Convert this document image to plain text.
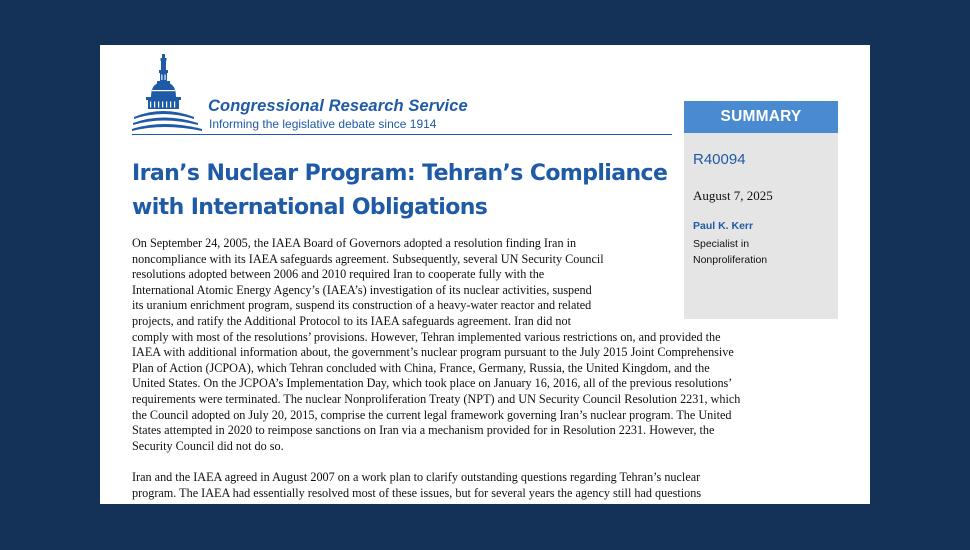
Congressional Research Service
Informing the legislative debate since 1914	SUMMARY
R40094
August 7, 2025
Paul K. Kerr
Specialist in
Nonproliferation
Iran’s Nuclear Program: Tehran’s Compliance
with International Obligations
On September 24, 2005, the IAEA Board of Governors adopted a resolution finding Iran in
noncompliance with its IAEA safeguards agreement. Subsequently, several UN Security Council
resolutions adopted between 2006 and 2010 required Iran to cooperate fully with the
International Atomic Energy Agency’s (IAEA’s) investigation of its nuclear activities, suspend
its uranium enrichment program, suspend its construction of a heavy-water reactor and related
projects, and ratify the Additional Protocol to its IAEA safeguards agreement. Iran did not
comply with most of the resolutions’ provisions. However, Tehran implemented various restrictions on, and provided the
IAEA with additional information about, the government’s nuclear program pursuant to the July 2015 Joint Comprehensive
Plan of Action (JCPOA), which Tehran concluded with China, France, Germany, Russia, the United Kingdom, and the
United States. On the JCPOA’s Implementation Day, which took place on January 16, 2016, all of the previous resolutions’
requirements were terminated. The nuclear Nonproliferation Treaty (NPT) and UN Security Council Resolution 2231, which
the Council adopted on July 20, 2015, comprise the current legal framework governing Iran’s nuclear program. The United
States attempted in 2020 to reimpose sanctions on Iran via a mechanism provided for in Resolution 2231. However, the
Security Council did not do so.
Iran and the IAEA agreed in August 2007 on a work plan to clarify outstanding questions regarding Tehran’s nuclear
program. The IAEA had essentially resolved most of these issues, but for several years the agency still had questions
